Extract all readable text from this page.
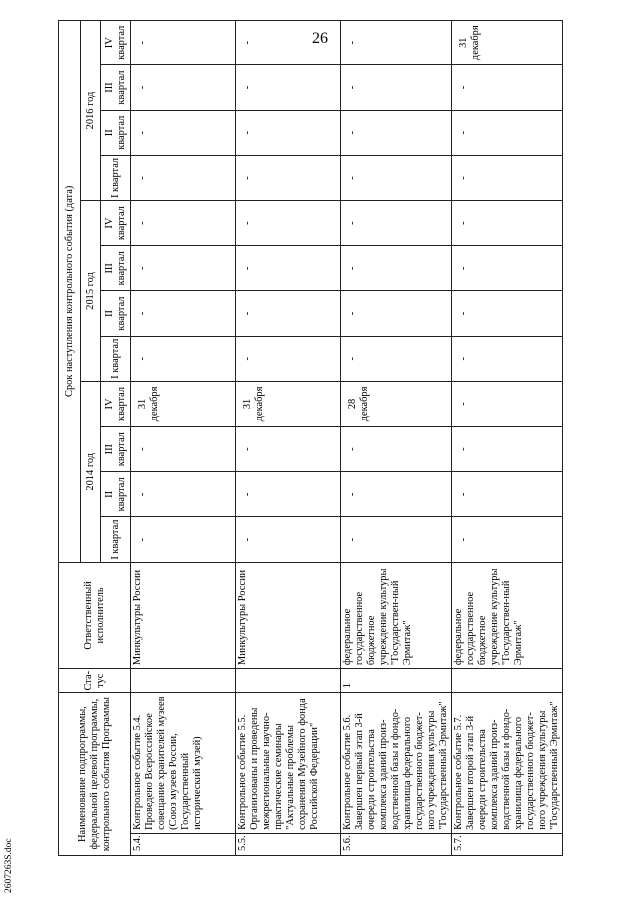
26
Наименование подпрограммы, федеральной целевой программы, контрольного события Программы		Ста-тус	Ответственный исполнитель	Срок наступления контрольного события (дата)											
				2014 год				2015 год				2016 год			
				I квартал	II квартал	III квартал	IV квартал	I квартал	II квартал	III квартал	IV квартал	I квартал	II квартал	III квартал	IV квартал
5.4.	Контрольное событие 5.4. Проведено Всероссийское совещание хранителей музеев (Союз музеев России, Государственный исторический музей)		Минкультуры России	-	-	-	31 декабря	-	-	-	-	-	-	-	-
5.5.	Контрольное событие 5.5. Организованы и проведены межрегиональные научно-практические семинары "Актуальные проблемы сохранения Музейного фонда Российской Федерации"		Минкультуры России	-	-	-	31 декабря	-	-	-	-	-	-	-	-
5.6.	Контрольное событие 5.6. Завершен первый этап 3-й очереди строительства комплекса зданий произ-водственной базы и фондо-хранилища федерального государственного бюджет-ного учреждения культуры "Государственный Эрмитаж"	1	федеральное государственное бюджетное учреждение культуры "Государствен-ный Эрмитаж"	-	-	-	28 декабря	-	-	-	-	-	-	-	-
5.7.	Контрольное событие 5.7. Завершен второй этап 3-й очереди строительства комплекса зданий произ-водственной базы и фондо-хранилища федерального государственного бюджет-ного учреждения культуры "Государственный Эрмитаж"		федеральное государственное бюджетное учреждение культуры "Государствен-ный Эрмитаж"	-	-	-	-	-	-	-	-	-	-	-	31 декабря
2607263S.doc
